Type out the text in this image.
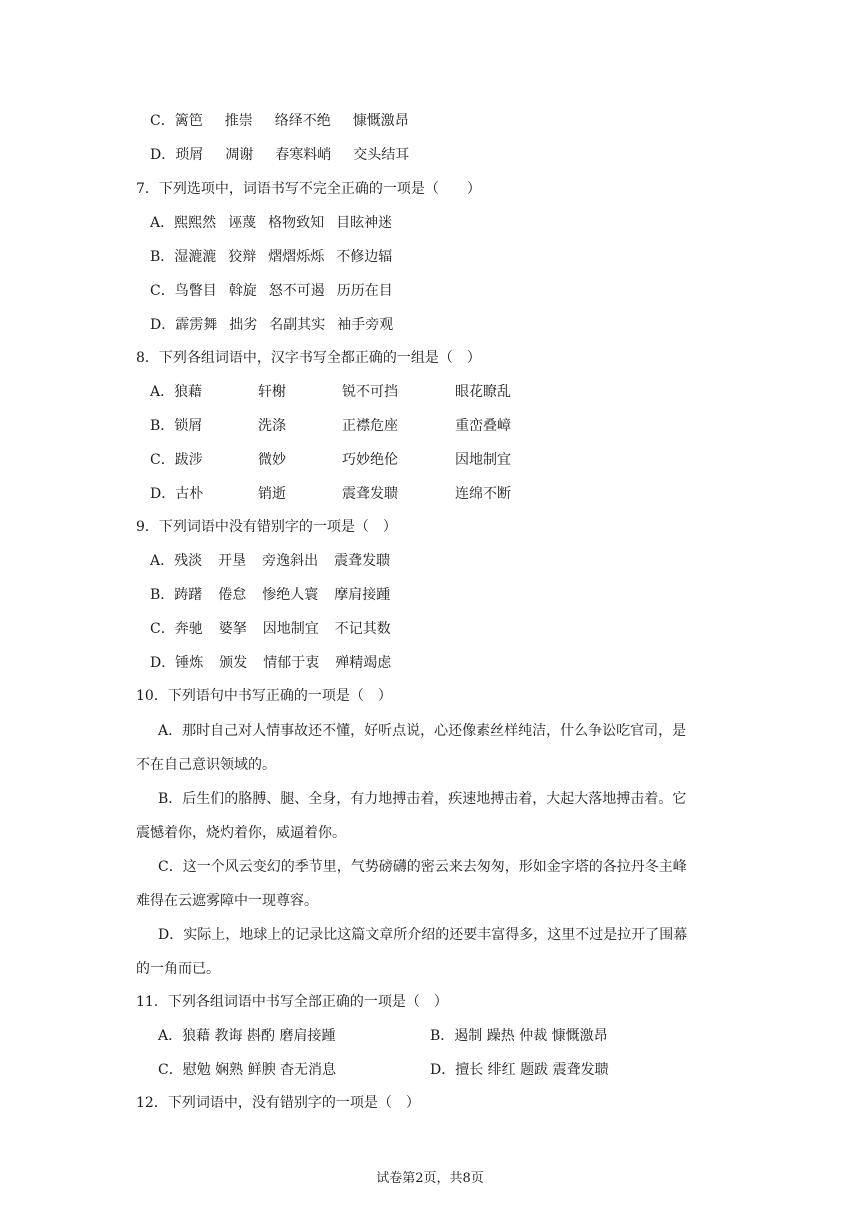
C．篱笆 推崇 络绎不绝 慷慨激昂
D．琐屑 凋谢 春寒料峭 交头结耳
7．下列选项中，词语书写不完全正确的一项是（　　）
A．熙熙然 诬蔑 格物致知 目眩神迷
B．湿漉漉 狡辩 熠熠烁烁 不修边辐
C．鸟瞥目 斡旋 怒不可遏 历历在目
D．霹雳舞 拙劣 名副其实 袖手旁观
8．下列各组词语中，汉字书写全都正确的一组是（　）
A．狼藉	轩榭	锐不可挡	眼花瞭乱
B．锁屑	洗涤	正襟危座	重峦叠嶂
C．跋涉	微妙	巧妙绝伦	因地制宜
D．古朴	销逝	震聋发聩	连绵不断
9．下列词语中没有错别字的一项是（　）
A．残淡 开垦 旁逸斜出 震聋发聩
B．踌躇 倦怠 惨绝人寰 摩肩接踵
C．奔驰 婆拏 因地制宜 不记其数
D．锤炼 颁发 情郁于衷 殚精竭虑
10．下列语句中书写正确的一项是（　）
A．那时自己对人情事故还不懂，好听点说，心还像素丝样纯洁，什么争讼吃官司，是
不在自己意识领域的。
B．后生们的胳膊、腿、全身，有力地搏击着，疾速地搏击着，大起大落地搏击着。它
震憾着你，烧灼着你，威逼着你。
C．这一个风云变幻的季节里，气势磅礴的密云来去匆匆，形如金字塔的各拉丹冬主峰
难得在云遮雾障中一现尊容。
D．实际上，地球上的记录比这篇文章所介绍的还要丰富得多，这里不过是拉开了围幕
的一角而已。
11．下列各组词语中书写全部正确的一项是（　）
A．狼藉 教诲 斟酌 磨肩接踵	B．遏制 躁热 仲裁 慷慨激昂
C．慰勉 娴熟 鲜腴 杳无消息	D．擅长 绯红 题跋 震聋发聩
12．下列词语中，没有错别字的一项是（　）
试卷第2页，共8页
